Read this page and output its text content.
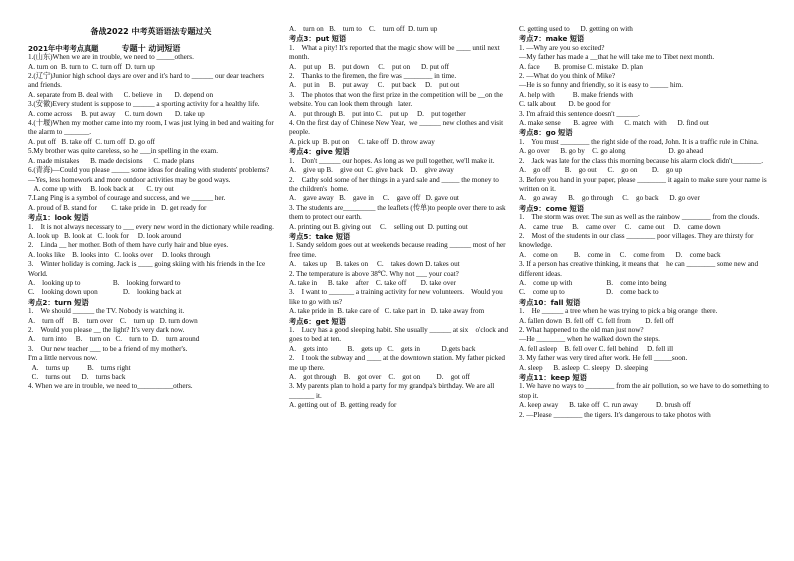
备战2022 中考英语语法专题过关
专题十 动词短语

2021年中考考点真题
1.(山东)When we are in trouble, we need to _____others.
A. turn on  B. turn to  C. turn off  D. turn up
2.(辽宁)Junior high school days are over and it's hard to ______ our dear teachers and friends.
A. separate from B. deal with      C. believe  in       D. depend on
3.(安徽)Every student is suppose to ______ a sporting activity for a healthy life.
A. come across     B. put away     C. turn down       D. take up
4.(十堰)When my mother came into my room, I was just lying in bed and waiting for the alarm to _______.
A. put off   B. take off  C. turn off  D. go off
5.My brother was quite careless, so he ___in spelling in the exam.
A. made mistakes      B. made decisions      C. made plans
6.(青海)—Could you please _____ some ideas for dealing with students' problems?
—Yes, less homework and more outdoor activities may be good ways.
A. come up with     B. look back at       C. try out
7.Lang Ping is a symbol of courage and success, and we ______ her.
A. proud of B. stand for        C. take pride in   D. get ready for
考点1：look 短语
1.    It is not always necessary to ___ every new word in the dictionary while reading.
A. look up   B. look at   C. look for     D. look around
2.    Linda __ her mother. Both of them have curly hair and blue eyes.
A. looks like    B. looks into   C. looks over     D. looks through
3.    Winter holiday is coming. Jack is ____ going skiing with his friends in the Ice World.
A.    looking up to                  B.    looking forward to
C.    looking down upon              D.    looking back at
考点2：turn 短语
1.    We should ______ the TV. Nobody is watching it.
A.    turn off     B.    turn over    C.    turn up   D. turn down
2.    Would you please __ the light? It's very dark now.
A.    turn into     B.    turn on   C.    turn to  D.    turn around
3.    Our new teacher ___ to be a friend of my mother's.
I'm a little nervous now.
A.    turns up          B.    turns right
C.    turns out      D.    turns back
4. When we are in trouble, we need to__________others.
A.    turn on   B.    turn to    C.    turn off  D. turn up
考点3：put 短语
1.    What a pity! It's reported that the magic show will be ____ until next month.
A.    put up    B.    put down     C.    put on      D. put off
2.    Thanks to the firemen, the fire was ________ in time.
A.    put in     B.    put away     C.    put back     D.    put out
3.    The photos that won the first prize in the competition will be __on the website. You can look them through   later.
A.    put through B.    put into C.    put up     D.    put together
4. On the first day of Chinese New Year,  we ______ new clothes and visit people.
A. pick up  B. put on     C. take off  D. throw away
考点4：give 短语
1.    Don't ______ our hopes. As long as we pull together, we'll make it.
A.    give up B.    give out  C. give back    D.    give away
2.    Cathy sold some of her things in a yard sale and _____ the money to the children's  home.
A.    gave away   B.    gave in     C.    gave off   D. gave out
3. The students are_________ the leaflets (传单)to people over there to ask them to protect our earth.
A. printing out B. giving out     C.    selling out  D. putting out
考点5：take 短语
1. Sandy seldom goes out at weekends because reading ______ most of her free time.
A.    takes up     B. takes on     C.    takes down D. takes out
2. The temperature is above 38℃. Why not ___ your coat?
A. take in      B. take    after    C. take off        D. take over
3.    I want to _______ a training activity for new volunteers.    Would you like to go with us?
A. take pride in  B. take care of   C. take part in   D. take away from
考点6：get 短语
1.    Lucy has a good sleeping habit. She usually ______ at six    o'clock and goes to bed at ten.
A.    gets into           B.    gets up   C.    gets in            D.gets back
2.    I took the subway and ____ at the downtown station. My father picked me up there.
A.    got through    B.    got over    C.    got on         D.    got off
3. My parents plan to hold a party for my grandpa's birthday. We are all _______ it.
A. getting out of  B. getting ready for
C. getting used to      D. getting on with
考点7：make 短语
1. —Why are you so excited?
—My father has made a __that he will take me to Tibet next month.
A. face        B. promise C. mistake  D. plan
2. —What do you think of Mike?
—He is so funny and friendly, so it is easy to _____ him.
A. help with          B. make friends with
C. talk about       D. be good for
3. I'm afraid this sentence doesn't ______.
A. make sense       B. agree  with      C. match  with      D. find out
考点8：go 短语
1.    You must ________ the right side of the road, John. It is a traffic rule in China.
A. go over      B. go by    C. go along                        D. go ahead
2.    Jack was late for the class this morning because his alarm clock didn't________.
A.    go off        B.    go out      C.    go on        D.    go up
3. Before you hand in your paper, please ________ it again to make sure your name is written on it.
A.    go away      B.    go through     C.    go back      D. go over
考点9：come 短语
1.    The storm was over. The sun as well as the rainbow ________ from the clouds.
A.    came  true     B.    came over     C.    came out     D.    came down
2.    Most of the students in our class ________ poor villages. They are thirsty for knowledge.
A.    come on         B.    come in     C.    come from      D.    come back
3. If a person has creative thinking, it means that    he can ________ some new and different ideas.
A.    come up with                   B.    come into being
C.    come up to                       D.    come back to
考点10：fall 短语
1.    He ______ a tree when he was trying to pick a big orange  there.
A. fallen down  B. fell off  C. fell from        D. fell off
2. What happened to the old man just now?
—He ________ when he walked down the steps.
A. fell asleep    B. fell over C. fell behind     D. fell ill
3. My father was very tired after work. He fell _____soon.
A. sleep      B. asleep  C. sleepy   D. sleeping
考点11：keep 短语
1. We have no ways to ________ from the air pollution, so we have to do something to stop it.
A. keep away      B. take off  C. run away          D. brush off
2. —Please ________ the tigers. It's dangerous to take photos with
